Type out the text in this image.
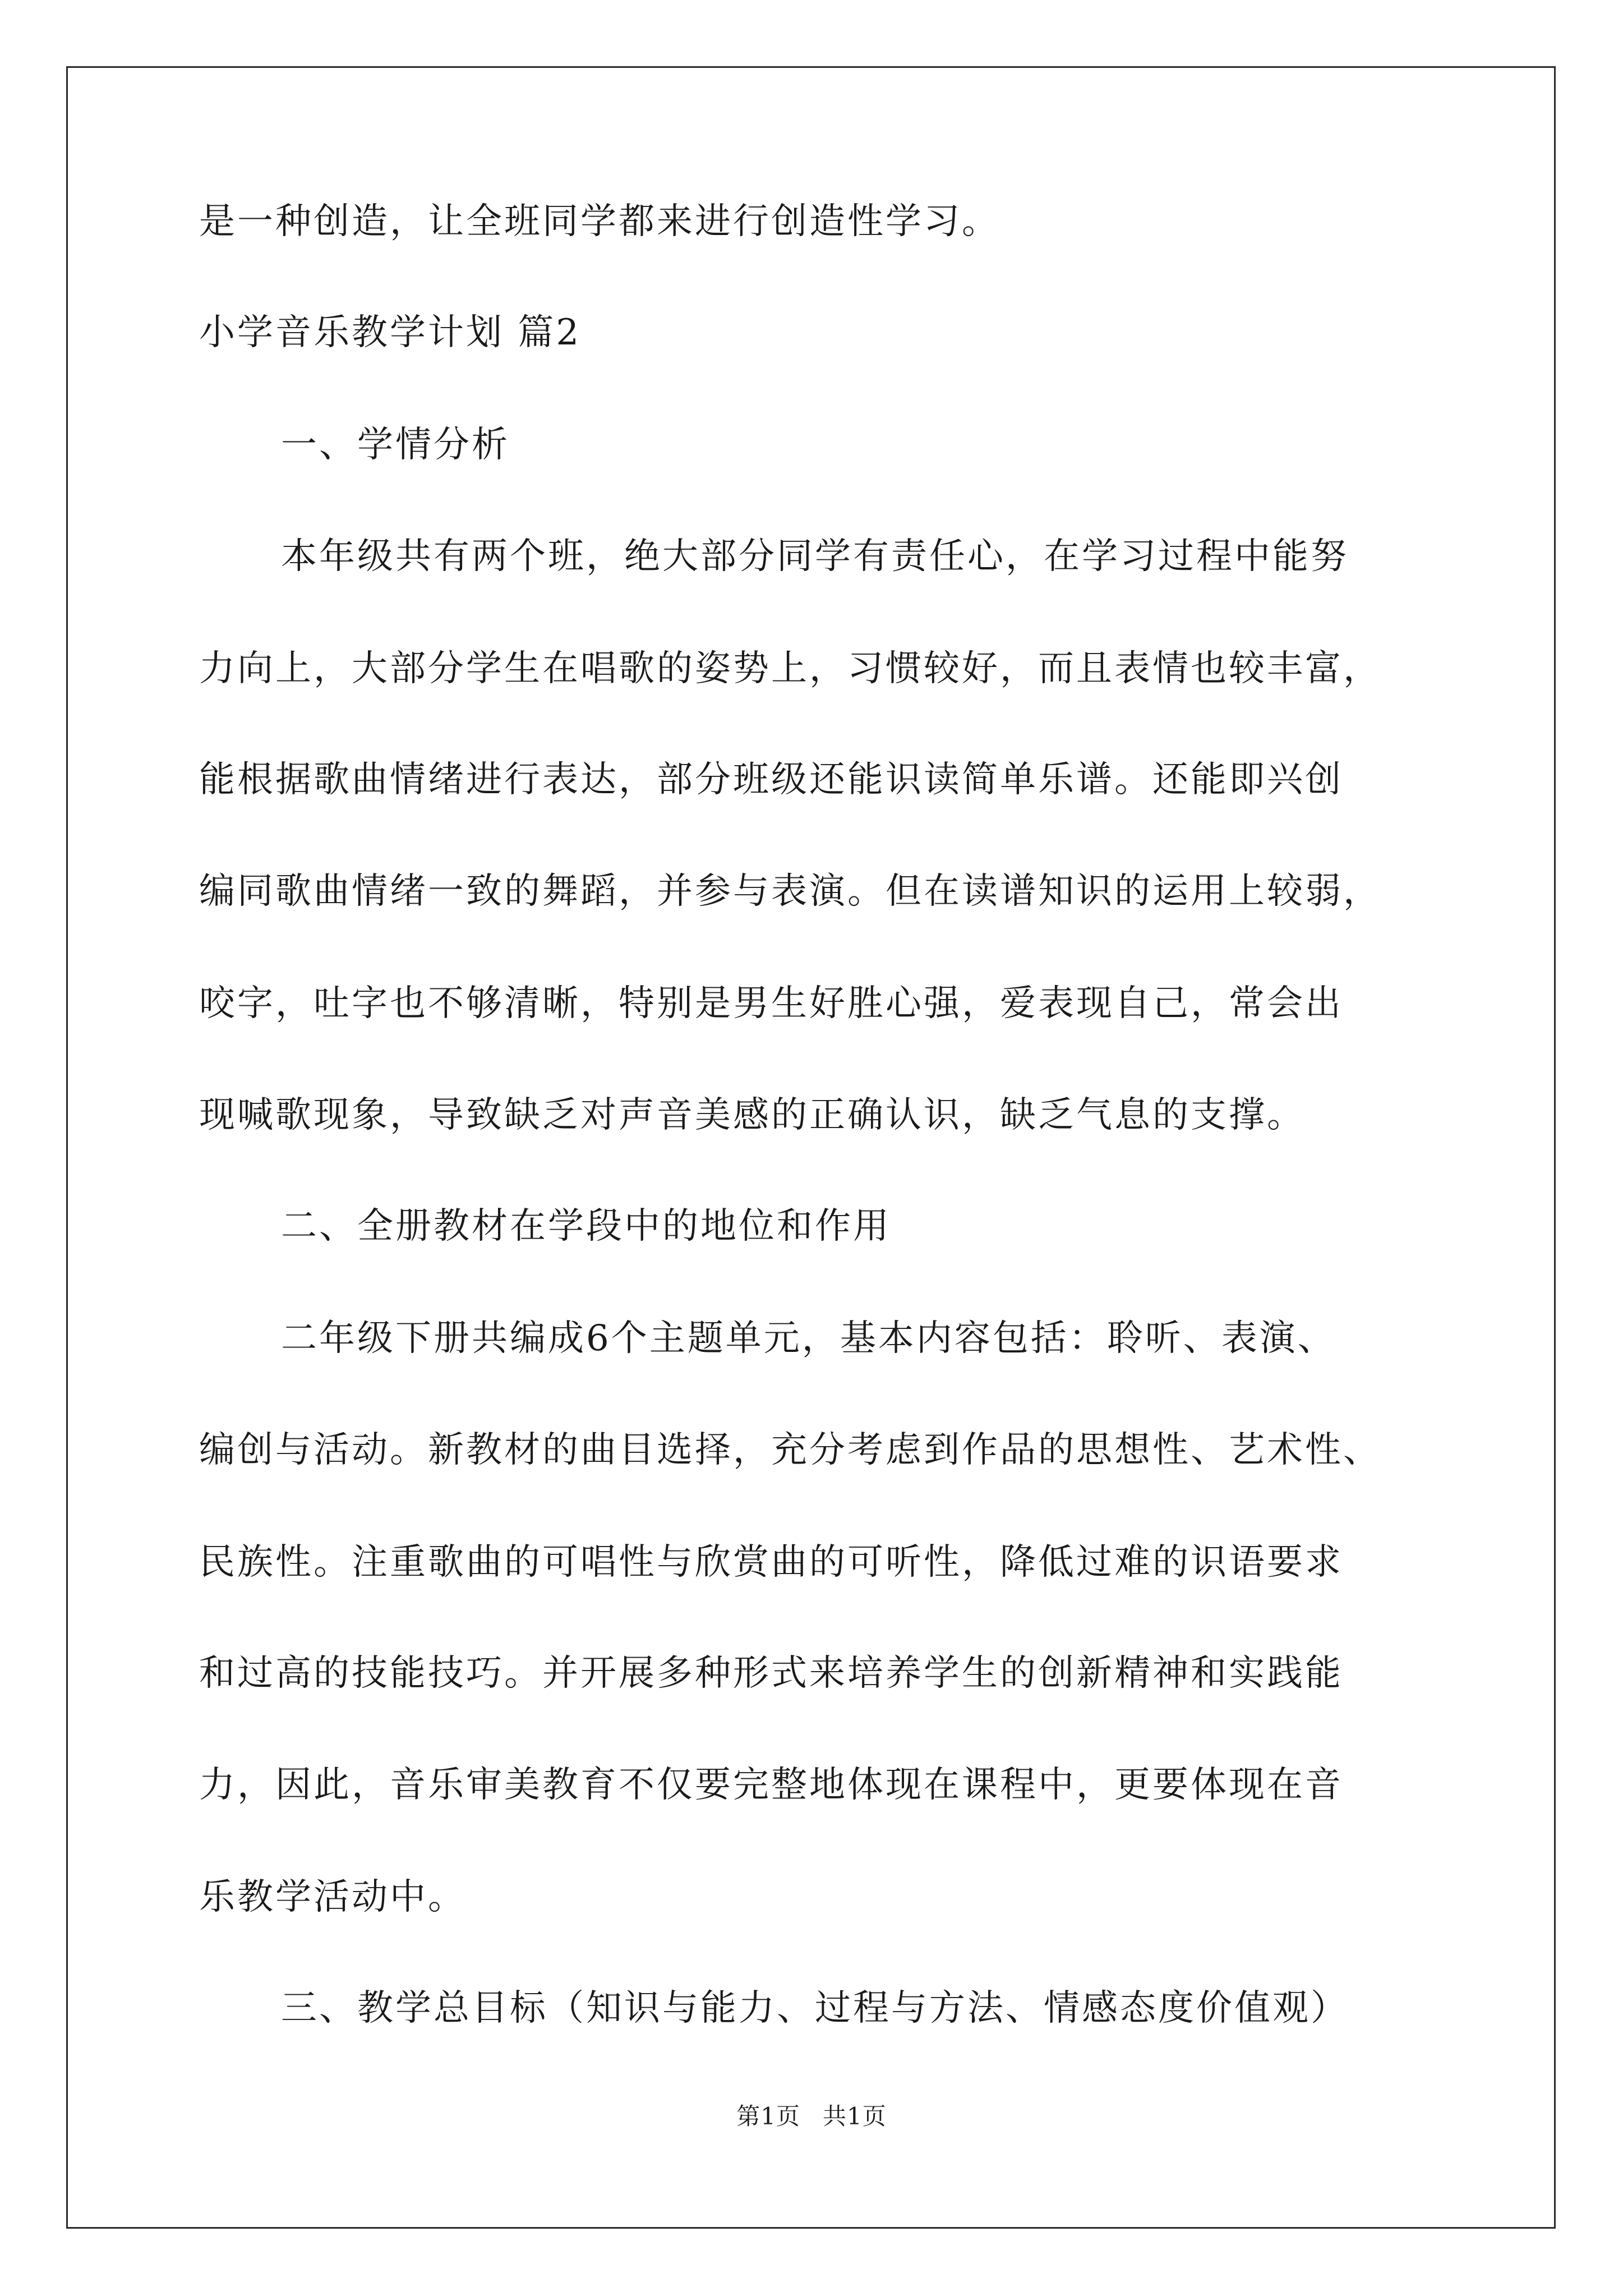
是一种创造，让全班同学都来进行创造性学习。
小学音乐教学计划 篇2
一、学情分析
本年级共有两个班，绝大部分同学有责任心，在学习过程中能努
力向上，大部分学生在唱歌的姿势上，习惯较好，而且表情也较丰富，
能根据歌曲情绪进行表达，部分班级还能识读简单乐谱。还能即兴创
编同歌曲情绪一致的舞蹈，并参与表演。但在读谱知识的运用上较弱，
咬字，吐字也不够清晰，特别是男生好胜心强，爱表现自己，常会出
现喊歌现象，导致缺乏对声音美感的正确认识，缺乏气息的支撑。
二、全册教材在学段中的地位和作用
二年级下册共编成6个主题单元，基本内容包括：聆听、表演、
编创与活动。新教材的曲目选择，充分考虑到作品的思想性、艺术性、
民族性。注重歌曲的可唱性与欣赏曲的可听性，降低过难的识语要求
和过高的技能技巧。并开展多种形式来培养学生的创新精神和实践能
力，因此，音乐审美教育不仅要完整地体现在课程中，更要体现在音
乐教学活动中。
三、教学总目标（知识与能力、过程与方法、情感态度价值观）
第1页 共1页
